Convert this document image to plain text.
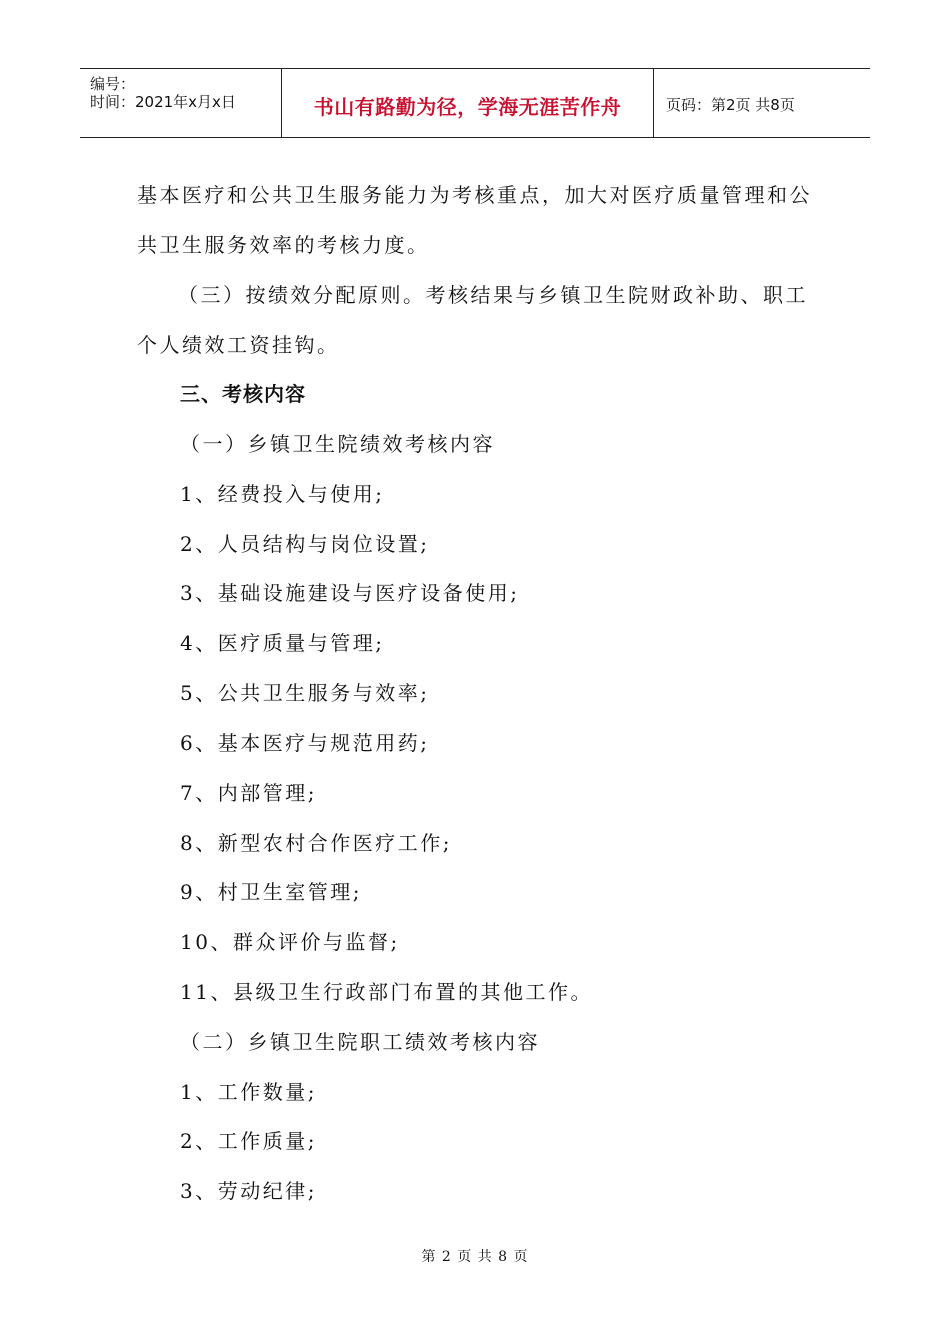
编号：
时间：2021年x月x日	书山有路勤为径，学海无涯苦作舟	页码：第2页 共8页
基本医疗和公共卫生服务能力为考核重点，加大对医疗质量管理和公
共卫生服务效率的考核力度。
（三）按绩效分配原则。考核结果与乡镇卫生院财政补助、职工
个人绩效工资挂钩。
三、考核内容
（一）乡镇卫生院绩效考核内容
1、经费投入与使用;
2、人员结构与岗位设置;
3、基础设施建设与医疗设备使用;
4、医疗质量与管理;
5、公共卫生服务与效率;
6、基本医疗与规范用药;
7、内部管理;
8、新型农村合作医疗工作;
9、村卫生室管理;
10、群众评价与监督;
11、县级卫生行政部门布置的其他工作。
（二）乡镇卫生院职工绩效考核内容
1、工作数量;
2、工作质量;
3、劳动纪律;
第 2 页 共 8 页
